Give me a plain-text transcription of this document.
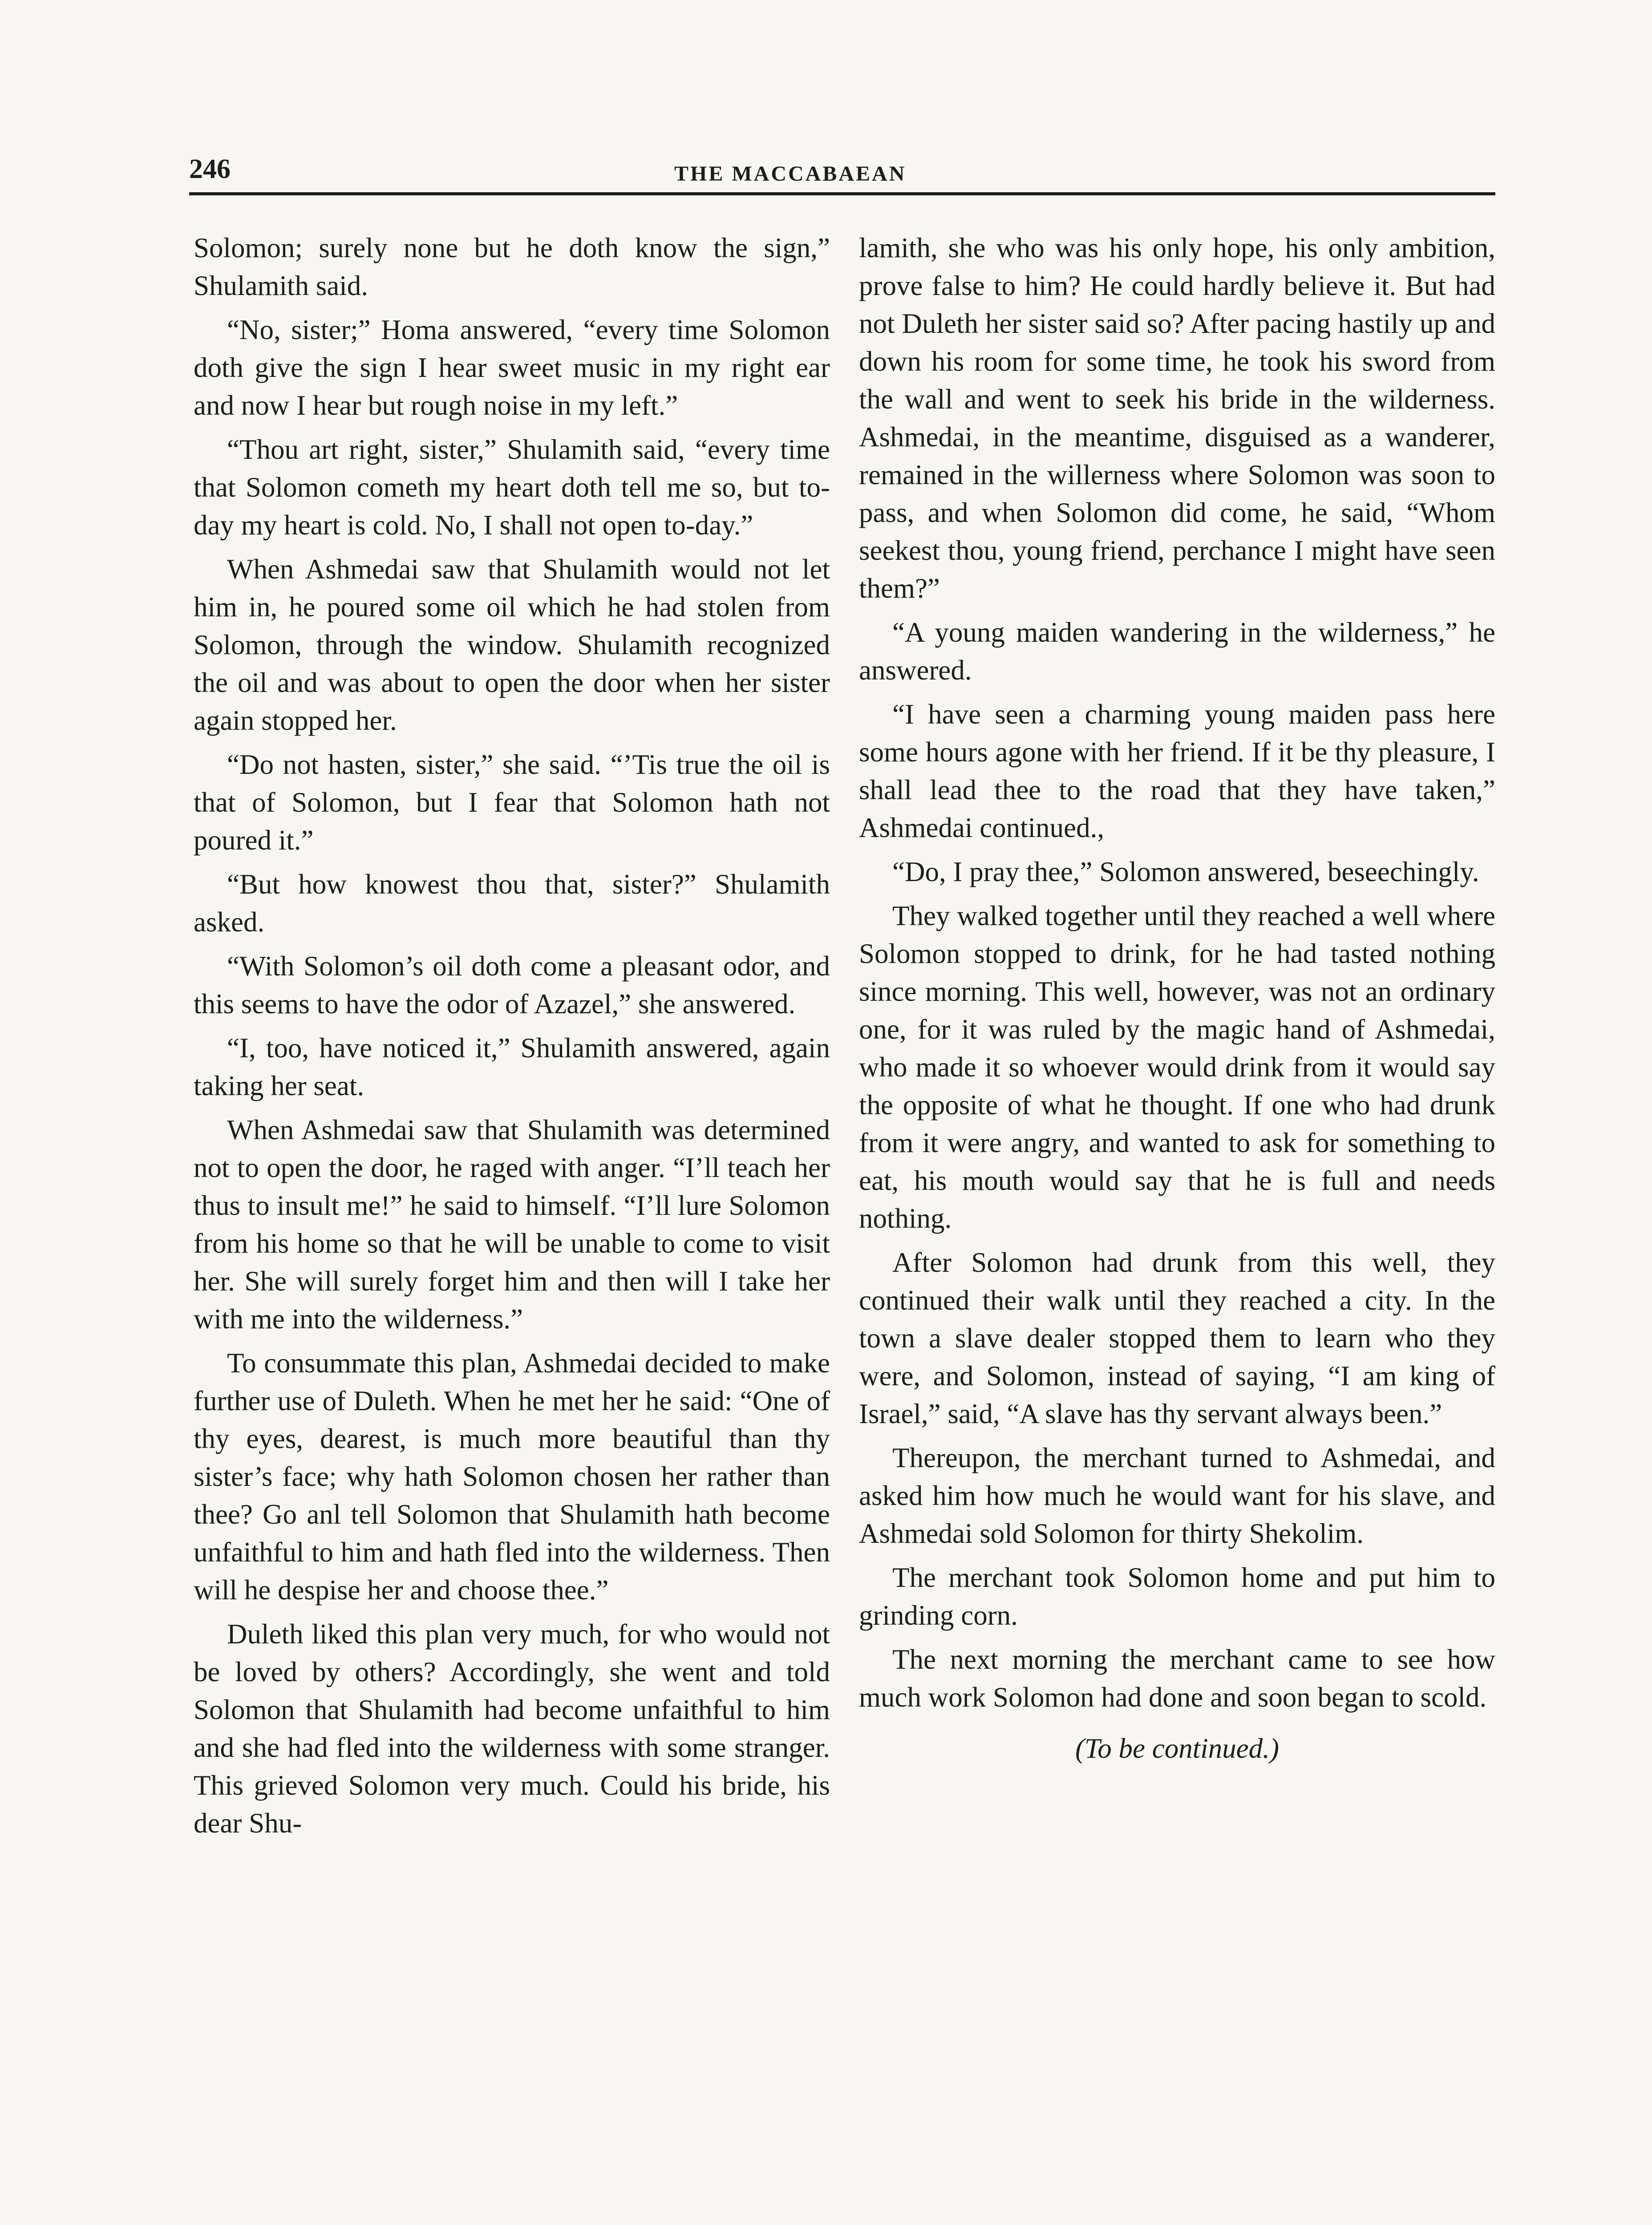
246	THE MACCABAEAN

Solomon; surely none but he doth know the sign,” Shulamith said.

“No, sister;” Homa answered, “every time Solomon doth give the sign I hear sweet music in my right ear and now I hear but rough noise in my left.”

“Thou art right, sister,” Shulamith said, “every time that Solomon cometh my heart doth tell me so, but to-day my heart is cold. No, I shall not open to-day.”

When Ashmedai saw that Shulamith would not let him in, he poured some oil which he had stolen from Solomon, through the window. Shulamith recognized the oil and was about to open the door when her sister again stopped her.

“Do not hasten, sister,” she said. “’Tis true the oil is that of Solomon, but I fear that Solomon hath not poured it.”

“But how knowest thou that, sister?” Shulamith asked.

“With Solomon’s oil doth come a pleasant odor, and this seems to have the odor of Azazel,” she answered.

“I, too, have noticed it,” Shulamith answered, again taking her seat.

When Ashmedai saw that Shulamith was determined not to open the door, he raged with anger. “I’ll teach her thus to insult me!” he said to himself. “I’ll lure Solomon from his home so that he will be unable to come to visit her. She will surely forget him and then will I take her with me into the wilderness.”

To consummate this plan, Ashmedai decided to make further use of Duleth. When he met her he said: “One of thy eyes, dearest, is much more beautiful than thy sister’s face; why hath Solomon chosen her rather than thee? Go anl tell Solomon that Shulamith hath become unfaithful to him and hath fled into the wilderness. Then will he despise her and choose thee.”

Duleth liked this plan very much, for who would not be loved by others? Accordingly, she went and told Solomon that Shulamith had become unfaithful to him and she had fled into the wilderness with some stranger. This grieved Solomon very much. Could his bride, his dear Shu-

lamith, she who was his only hope, his only ambition, prove false to him? He could hardly believe it. But had not Duleth her sister said so? After pacing hastily up and down his room for some time, he took his sword from the wall and went to seek his bride in the wilderness. Ashmedai, in the meantime, disguised as a wanderer, remained in the willerness where Solomon was soon to pass, and when Solomon did come, he said, “Whom seekest thou, young friend, perchance I might have seen them?”

“A young maiden wandering in the wilderness,” he answered.

“I have seen a charming young maiden pass here some hours agone with her friend. If it be thy pleasure, I shall lead thee to the road that they have taken,” Ashmedai continued.,

“Do, I pray thee,” Solomon answered, beseechingly.

They walked together until they reached a well where Solomon stopped to drink, for he had tasted nothing since morning. This well, however, was not an ordinary one, for it was ruled by the magic hand of Ashmedai, who made it so whoever would drink from it would say the opposite of what he thought. If one who had drunk from it were angry, and wanted to ask for something to eat, his mouth would say that he is full and needs nothing.

After Solomon had drunk from this well, they continued their walk until they reached a city. In the town a slave dealer stopped them to learn who they were, and Solomon, instead of saying, “I am king of Israel,” said, “A slave has thy servant always been.”

Thereupon, the merchant turned to Ashmedai, and asked him how much he would want for his slave, and Ashmedai sold Solomon for thirty Shekolim.

The merchant took Solomon home and put him to grinding corn.

The next morning the merchant came to see how much work Solomon had done and soon began to scold.

(To be continued.)
